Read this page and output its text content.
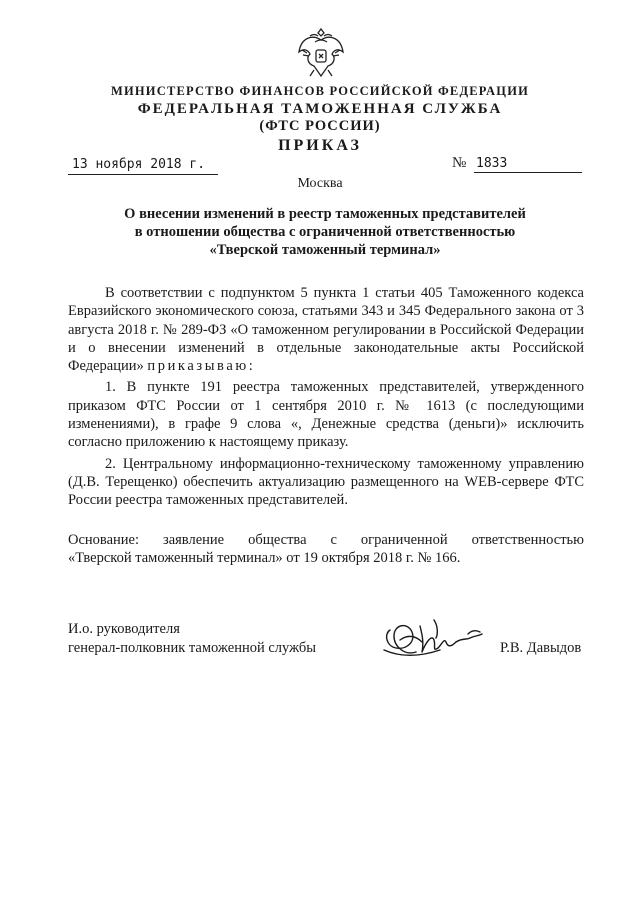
МИНИСТЕРСТВО ФИНАНСОВ РОССИЙСКОЙ ФЕДЕРАЦИИ
ФЕДЕРАЛЬНАЯ ТАМОЖЕННАЯ СЛУЖБА
(ФТС РОССИИ)
ПРИКАЗ
13 ноября 2018 г.	№ 1833
Москва
О внесении изменений в реестр таможенных представителей
в отношении общества с ограниченной ответственностью
«Тверской таможенный терминал»

В соответствии с подпунктом 5 пункта 1 статьи 405 Таможенного кодекса Евразийского экономического союза, статьями 343 и 345 Федерального закона от 3 августа 2018 г. № 289-ФЗ «О таможенном регулировании в Российской Федерации и о внесении изменений в отдельные законодательные акты Российской Федерации» приказываю:

1. В пункте 191 реестра таможенных представителей, утвержденного приказом ФТС России от 1 сентября 2010 г. № 1613 (с последующими изменениями), в графе 9 слова «, Денежные средства (деньги)» исключить согласно приложению к настоящему приказу.

2. Центральному информационно-техническому таможенному управлению (Д.В. Терещенко) обеспечить актуализацию размещенного на WEB-сервере ФТС России реестра таможенных представителей.

Основание: заявление общества с ограниченной ответственностью
«Тверской таможенный терминал» от 19 октября 2018 г. № 166.
И.о. руководителя
генерал-полковник таможенной службы	Р.В. Давыдов
